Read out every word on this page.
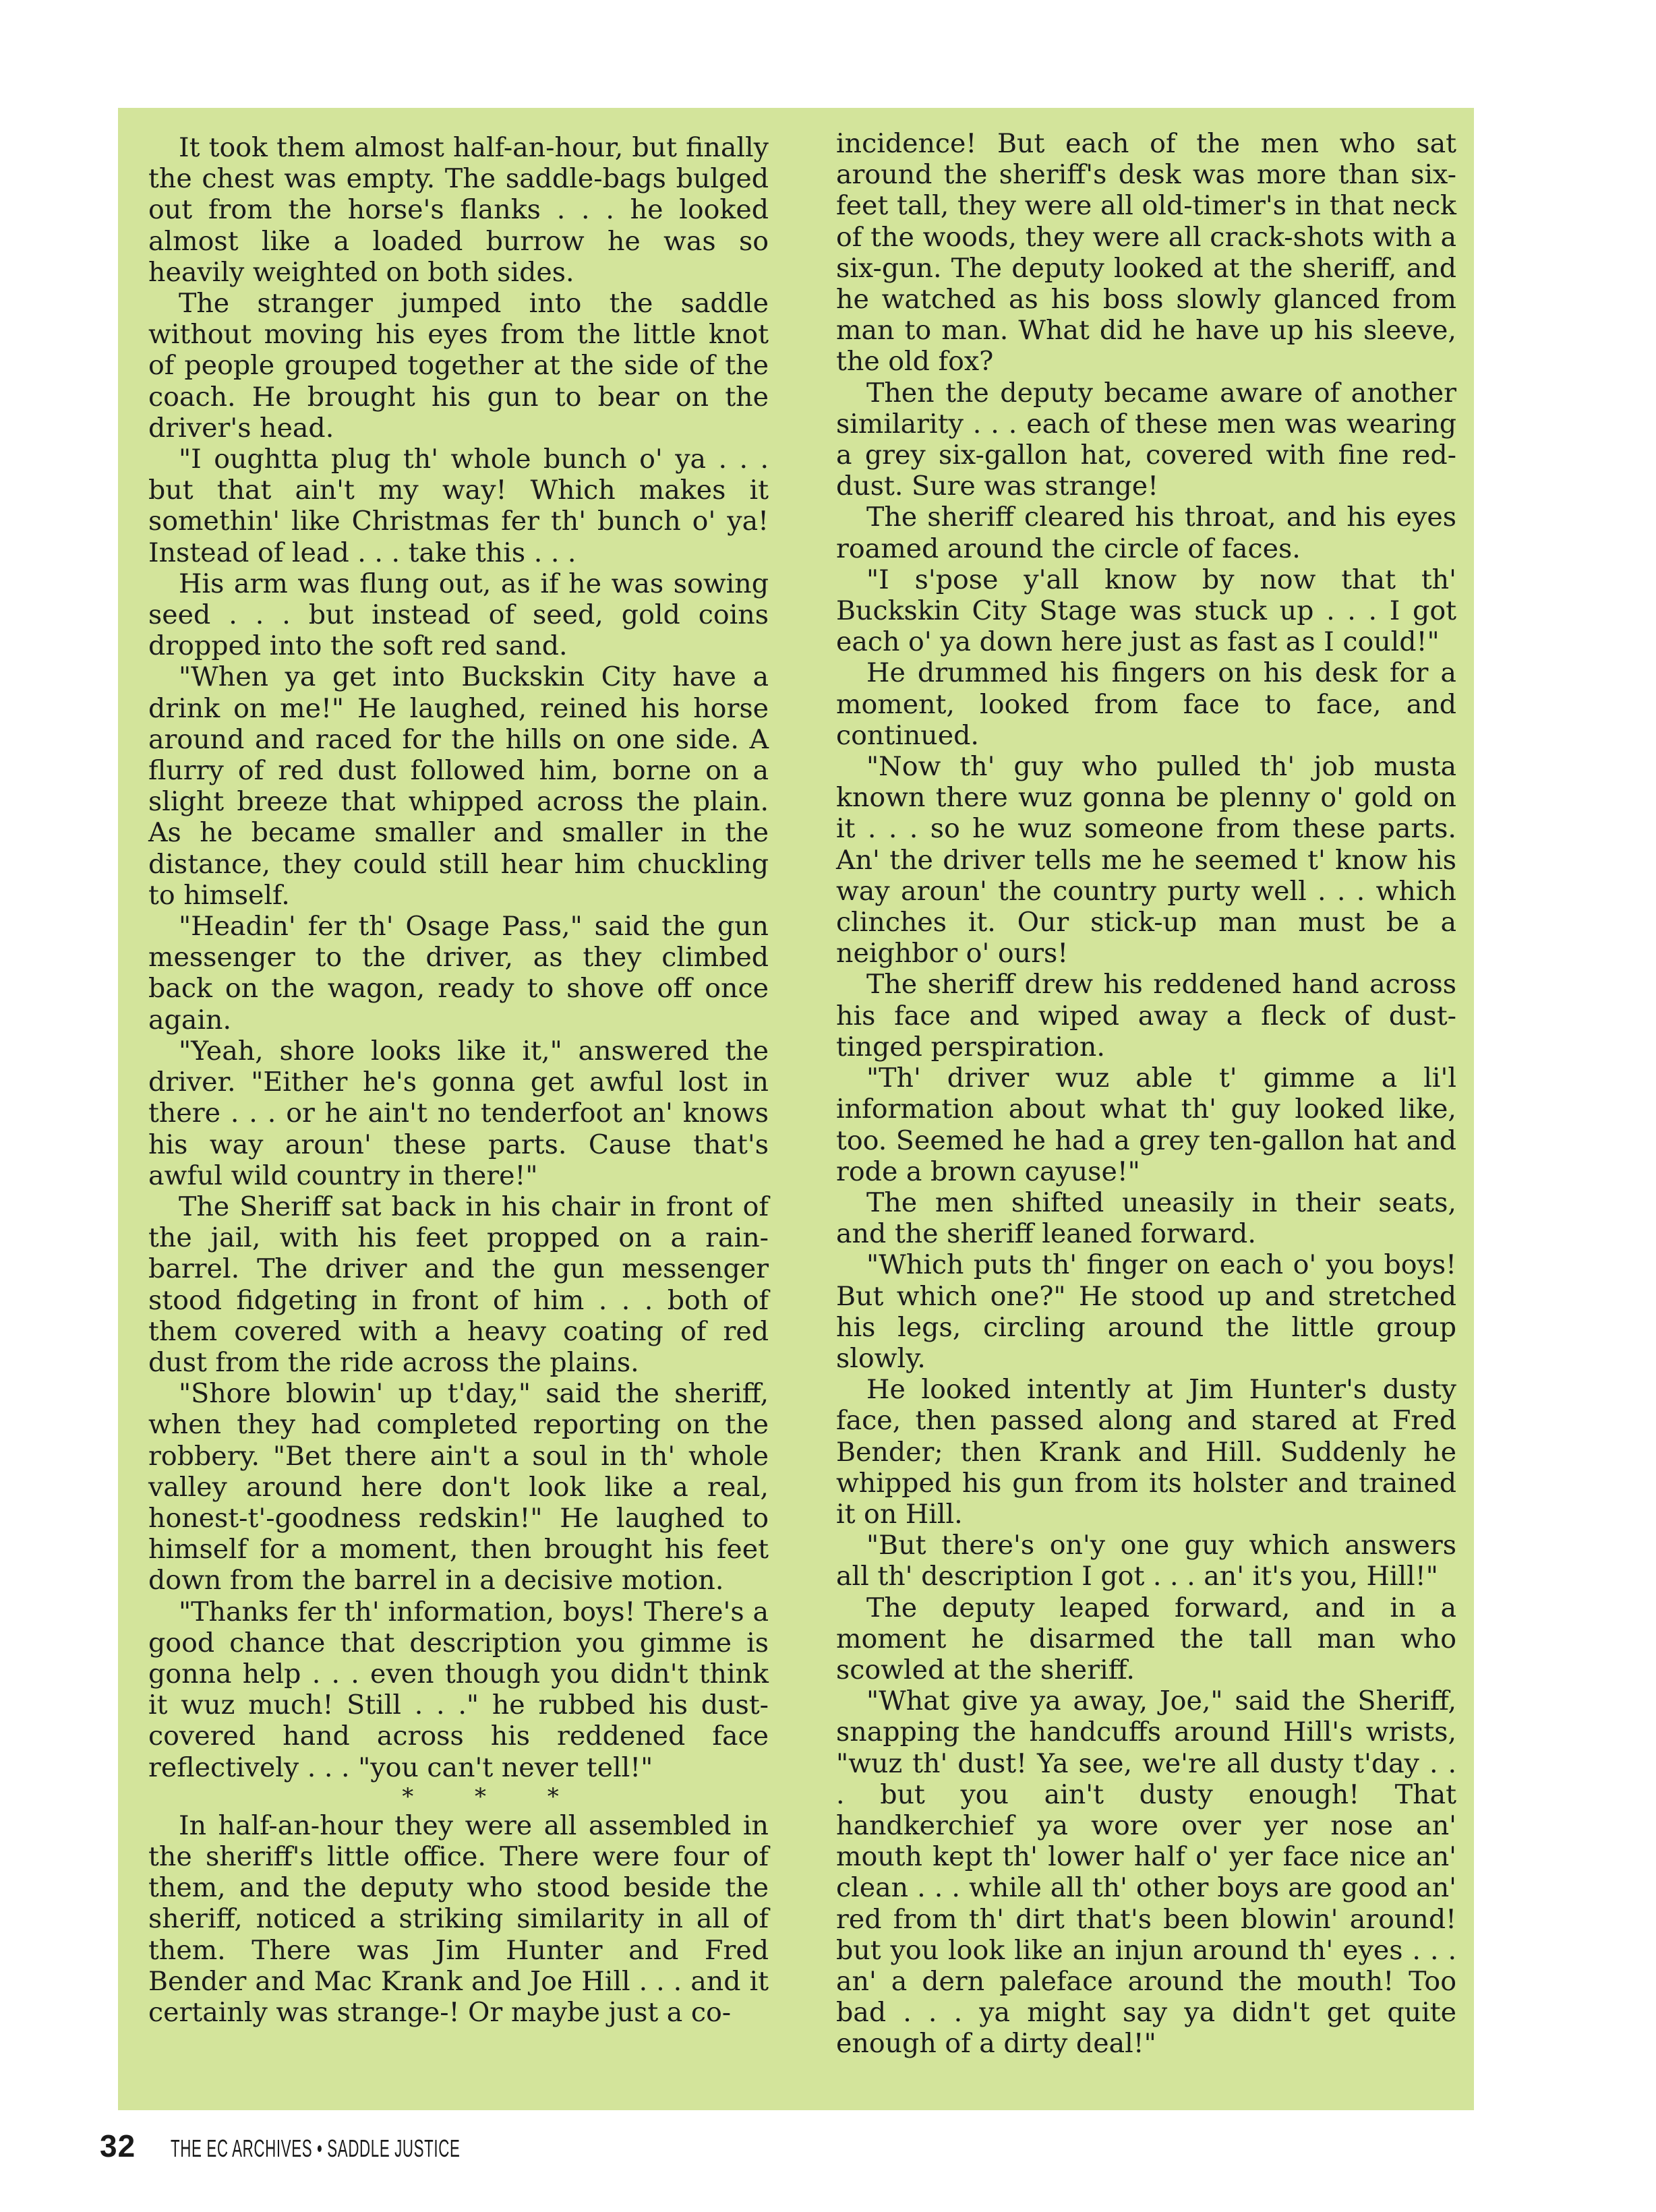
It took them almost half-an-hour, but finally the chest was empty. The saddle-bags bulged out from the horse's flanks . . . he looked almost like a loaded burrow he was so heavily weighted on both sides.

The stranger jumped into the saddle without moving his eyes from the little knot of people grouped together at the side of the coach. He brought his gun to bear on the driver's head.

"I oughtta plug th' whole bunch o' ya . . . but that ain't my way! Which makes it somethin' like Christmas fer th' bunch o' ya! Instead of lead . . . take this . . .

His arm was flung out, as if he was sowing seed . . . but instead of seed, gold coins dropped into the soft red sand.

"When ya get into Buckskin City have a drink on me!" He laughed, reined his horse around and raced for the hills on one side. A flurry of red dust followed him, borne on a slight breeze that whipped across the plain. As he became smaller and smaller in the distance, they could still hear him chuckling to himself.

"Headin' fer th' Osage Pass," said the gun messenger to the driver, as they climbed back on the wagon, ready to shove off once again.

"Yeah, shore looks like it," answered the driver. "Either he's gonna get awful lost in there . . . or he ain't no tenderfoot an' knows his way aroun' these parts. Cause that's awful wild country in there!"

The Sheriff sat back in his chair in front of the jail, with his feet propped on a rain-barrel. The driver and the gun messenger stood fidgeting in front of him . . . both of them covered with a heavy coating of red dust from the ride across the plains.

"Shore blowin' up t'day," said the sheriff, when they had completed reporting on the robbery. "Bet there ain't a soul in th' whole valley around here don't look like a real, honest-t'-goodness redskin!" He laughed to himself for a moment, then brought his feet down from the barrel in a decisive motion.

"Thanks fer th' information, boys! There's a good chance that description you gimme is gonna help . . . even though you didn't think it wuz much! Still . . ." he rubbed his dust-covered hand across his reddened face reflectively . . . "you can't never tell!"

* * *

In half-an-hour they were all assembled in the sheriff's little office. There were four of them, and the deputy who stood beside the sheriff, noticed a striking similarity in all of them. There was Jim Hunter and Fred Bender and Mac Krank and Joe Hill . . . and it certainly was strange-! Or maybe just a co-

incidence! But each of the men who sat around the sheriff's desk was more than six-feet tall, they were all old-timer's in that neck of the woods, they were all crack-shots with a six-gun. The deputy looked at the sheriff, and he watched as his boss slowly glanced from man to man. What did he have up his sleeve, the old fox?

Then the deputy became aware of another similarity . . . each of these men was wearing a grey six-gallon hat, covered with fine red-dust. Sure was strange!

The sheriff cleared his throat, and his eyes roamed around the circle of faces.

"I s'pose y'all know by now that th' Buckskin City Stage was stuck up . . . I got each o' ya down here just as fast as I could!"

He drummed his fingers on his desk for a moment, looked from face to face, and continued.

"Now th' guy who pulled th' job musta known there wuz gonna be plenny o' gold on it . . . so he wuz someone from these parts. An' the driver tells me he seemed t' know his way aroun' the country purty well . . . which clinches it. Our stick-up man must be a neighbor o' ours!

The sheriff drew his reddened hand across his face and wiped away a fleck of dust-tinged perspiration.

"Th' driver wuz able t' gimme a li'l information about what th' guy looked like, too. Seemed he had a grey ten-gallon hat and rode a brown cayuse!"

The men shifted uneasily in their seats, and the sheriff leaned forward.

"Which puts th' finger on each o' you boys! But which one?" He stood up and stretched his legs, circling around the little group slowly.

He looked intently at Jim Hunter's dusty face, then passed along and stared at Fred Bender; then Krank and Hill. Suddenly he whipped his gun from its holster and trained it on Hill.

"But there's on'y one guy which answers all th' description I got . . . an' it's you, Hill!"

The deputy leaped forward, and in a moment he disarmed the tall man who scowled at the sheriff.

"What give ya away, Joe," said the Sheriff, snapping the handcuffs around Hill's wrists, "wuz th' dust! Ya see, we're all dusty t'day . . . but you ain't dusty enough! That handkerchief ya wore over yer nose an' mouth kept th' lower half o' yer face nice an' clean . . . while all th' other boys are good an' red from th' dirt that's been blowin' around! but you look like an injun around th' eyes . . . an' a dern paleface around the mouth! Too bad . . . ya might say ya didn't get quite enough of a dirty deal!"

32 THE EC ARCHIVES • SADDLE JUSTICE
